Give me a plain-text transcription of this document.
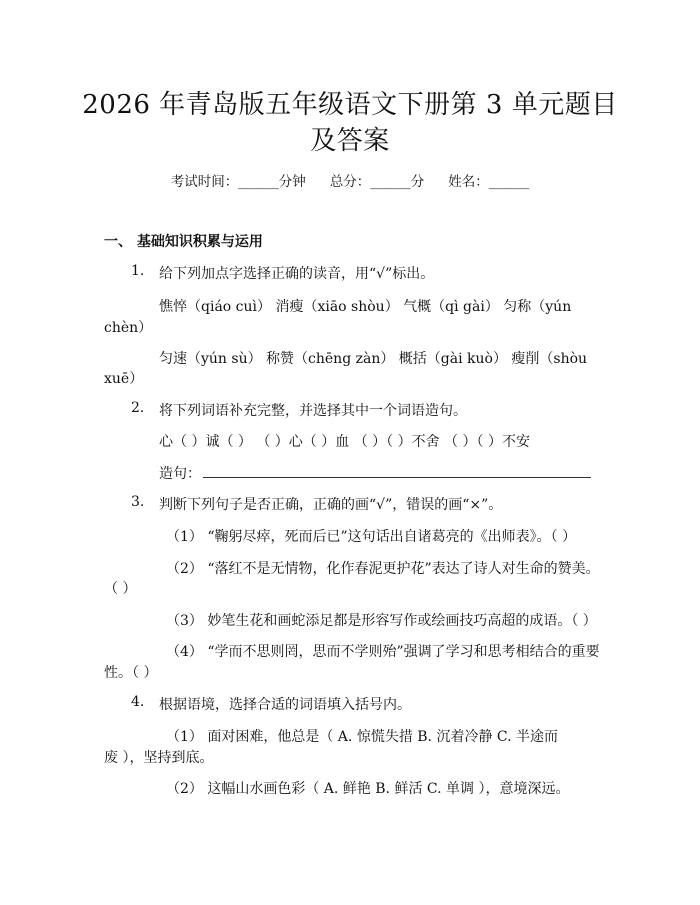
2026 年青岛版五年级语文下册第 3 单元题目
及答案
考试时间：______分钟 总分：______分 姓名：______
一、 基础知识积累与运用
1. 给下列加点字选择正确的读音，用“√”标出。
憔悴（qiáo cuì） 消瘦（xiāo shòu） 气概（qì gài） 匀称（yún
chèn）
匀速（yún sù） 称赞（chēng zàn） 概括（gài kuò） 瘦削（shòu
xuē）
2. 将下列词语补充完整，并选择其中一个词语造句。
心（ ）诚（ ） （ ）心（ ）血 （ ）（ ）不舍 （ ）（ ）不安
造句：
3. 判断下列句子是否正确，正确的画“√”，错误的画“×”。
（1） “鞠躬尽瘁，死而后已”这句话出自诸葛亮的《出师表》。（ ）
（2） “落红不是无情物，化作春泥更护花”表达了诗人对生命的赞美。
（ ）
（3） 妙笔生花和画蛇添足都是形容写作或绘画技巧高超的成语。（ ）
（4） “学而不思则罔，思而不学则殆”强调了学习和思考相结合的重要
性。（ ）
4. 根据语境，选择合适的词语填入括号内。
（1） 面对困难，他总是（ A. 惊慌失措 B. 沉着冷静 C. 半途而
废 ），坚持到底。
（2） 这幅山水画色彩（ A. 鲜艳 B. 鲜活 C. 单调 ），意境深远。
